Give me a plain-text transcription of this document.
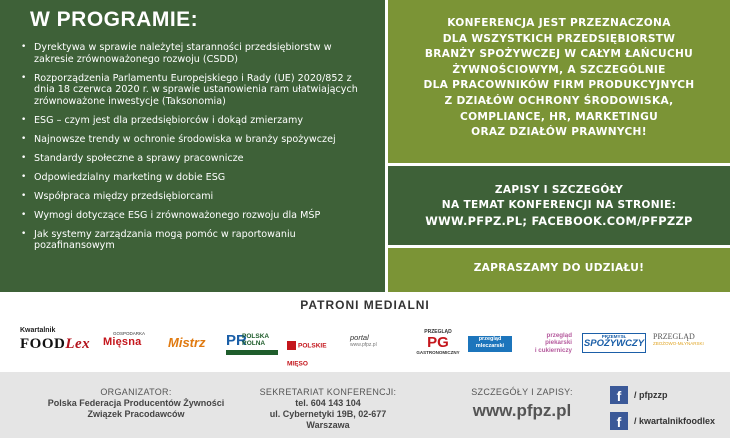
W PROGRAMIE:
• Dyrektywa w sprawie należytej staranności przedsiębiorstw w zakresie zrównoważonego rozwoju (CSDD)
• Rozporządzenia Parlamentu Europejskiego i Rady (UE) 2020/852 z dnia 18 czerwca 2020 r. w sprawie ustanowienia ram ułatwiających zrównoważone inwestycje (Taksonomia)
• ESG – czym jest dla przedsiębiorców i dokąd zmierzamy
• Najnowsze trendy w ochronie środowiska w branży spożywczej
• Standardy społeczne a sprawy pracownicze
• Odpowiedzialny marketing w dobie ESG
• Współpraca między przedsiębiorcami
• Wymogi dotyczące ESG i zrównoważonego rozwoju dla MŚP
• Jak systemy zarządzania mogą pomóc w raportowaniu pozafinansowym
KONFERENCJA JEST PRZEZNACZONA
DLA WSZYSTKICH PRZEDSIĘBIORSTW
BRANŻY SPOŻYWCZEJ W CAŁYM ŁAŃCUCHU
ŻYWNOŚCIOWYM, A SZCZEGÓLNIE
DLA PRACOWNIKÓW FIRM PRODUKCYJNYCH
Z DZIAŁÓW OCHRONY ŚRODOWISKA,
COMPLIANCE, HR, MARKETINGU
ORAZ DZIAŁÓW PRAWNYCH!
ZAPISY I SZCZEGÓŁY
NA TEMAT KONFERENCJI NA STRONIE:
WWW.PFPZ.PL; FACEBOOK.COM/PFPZZP
ZAPRASZAMY DO UDZIAŁU!
PATRONI MEDIALNI
Kwartalnik
FOODLex
GOSPODARKA
Mięsna Mistrz	PR
POLSKA
ROLNA	POLSKIE MIĘSO
portal
www.pfpz.pl
PRZEGLĄD
PG
GASTRONOMICZNY
przegląd
mleczarski
przegląd
piekarski
i cukierniczy
PRZEMYSŁ
SPOŻYWCZY
PRZEGLĄD
ZBOŻOWO-MŁYNARSKI
ORGANIZATOR:
Polska Federacja Producentów Żywności
Związek Pracodawców
SEKRETARIAT KONFERENCJI:
tel. 604 143 104
ul. Cybernetyki 19B, 02-677 Warszawa
SZCZEGÓŁY I ZAPISY:
www.pfpz.pl
f	/ pfpzzp
f	/ kwartalnikfoodlex
